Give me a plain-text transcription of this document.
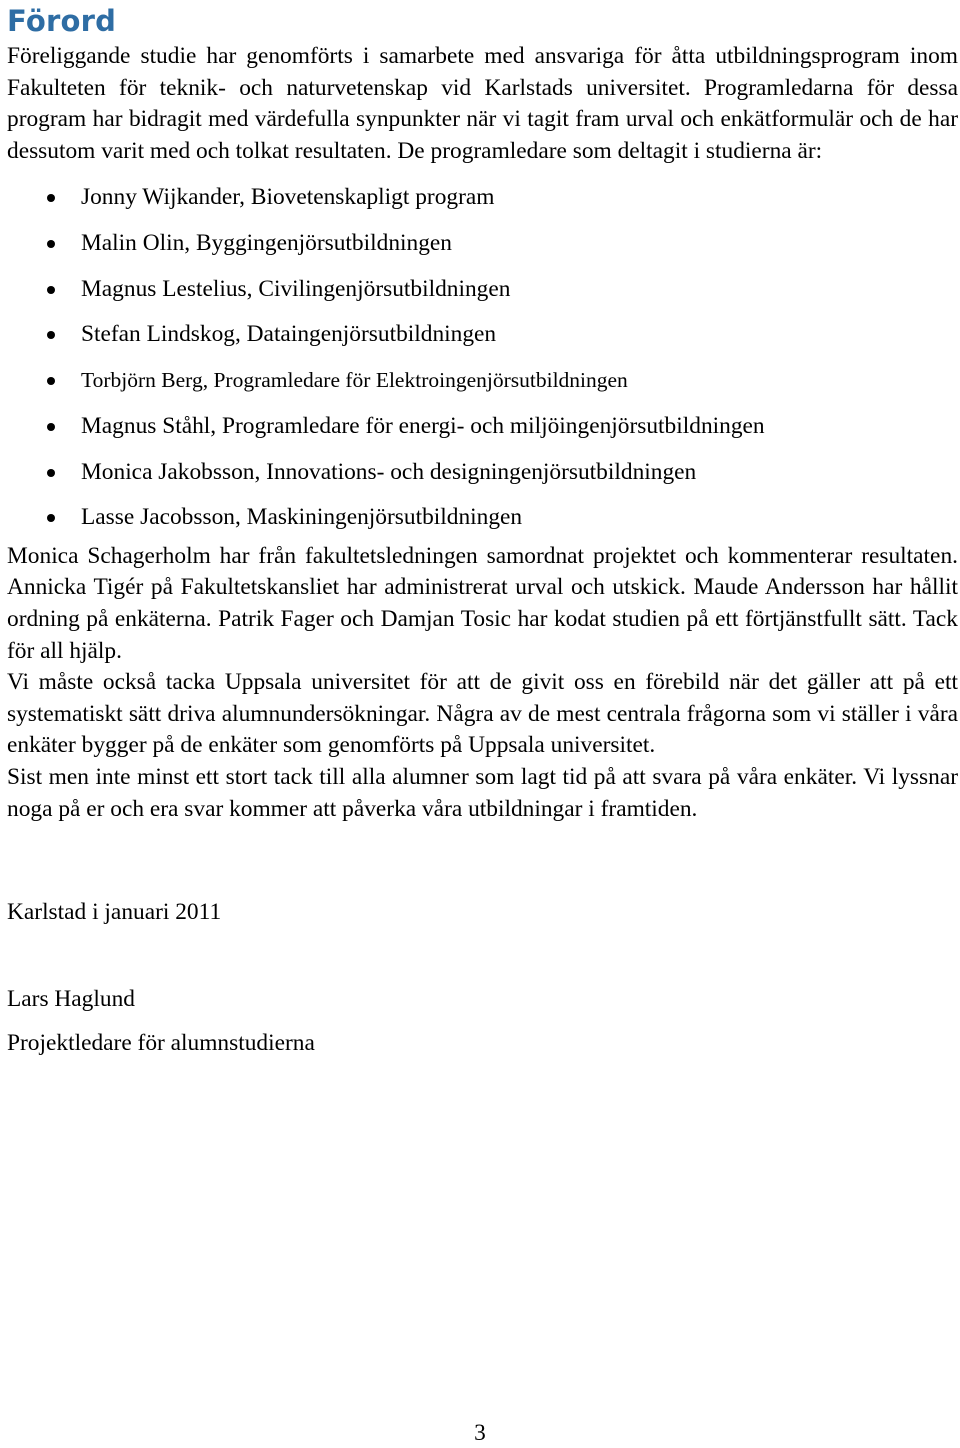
Förord

Föreliggande studie har genomförts i samarbete med ansvariga för åtta utbildningsprogram inom Fakulteten för teknik- och naturvetenskap vid Karlstads universitet. Programledarna för dessa program har bidragit med värdefulla synpunkter när vi tagit fram urval och enkätformulär och de har dessutom varit med och tolkat resultaten. De programledare som deltagit i studierna är:

Jonny Wijkander, Biovetenskapligt program
Malin Olin, Byggingenjörsutbildningen
Magnus Lestelius, Civilingenjörsutbildningen
Stefan Lindskog, Dataingenjörsutbildningen
Torbjörn Berg, Programledare för Elektroingenjörsutbildningen
Magnus Ståhl, Programledare för energi- och miljöingenjörsutbildningen
Monica Jakobsson, Innovations- och designingenjörsutbildningen
Lasse Jacobsson, Maskiningenjörsutbildningen

Monica Schagerholm har från fakultetsledningen samordnat projektet och kommenterar resultaten. Annicka Tigér på Fakultetskansliet har administrerat urval och utskick. Maude Andersson har hållit ordning på enkäterna. Patrik Fager och Damjan Tosic har kodat studien på ett förtjänstfullt sätt. Tack för all hjälp.

Vi måste också tacka Uppsala universitet för att de givit oss en förebild när det gäller att på ett systematiskt sätt driva alumnundersökningar. Några av de mest centrala frågorna som vi ställer i våra enkäter bygger på de enkäter som genomförts på Uppsala universitet.

Sist men inte minst ett stort tack till alla alumner som lagt tid på att svara på våra enkäter. Vi lyssnar noga på er och era svar kommer att påverka våra utbildningar i framtiden.

Karlstad i januari 2011

Lars Haglund

Projektledare för alumnstudierna

3
